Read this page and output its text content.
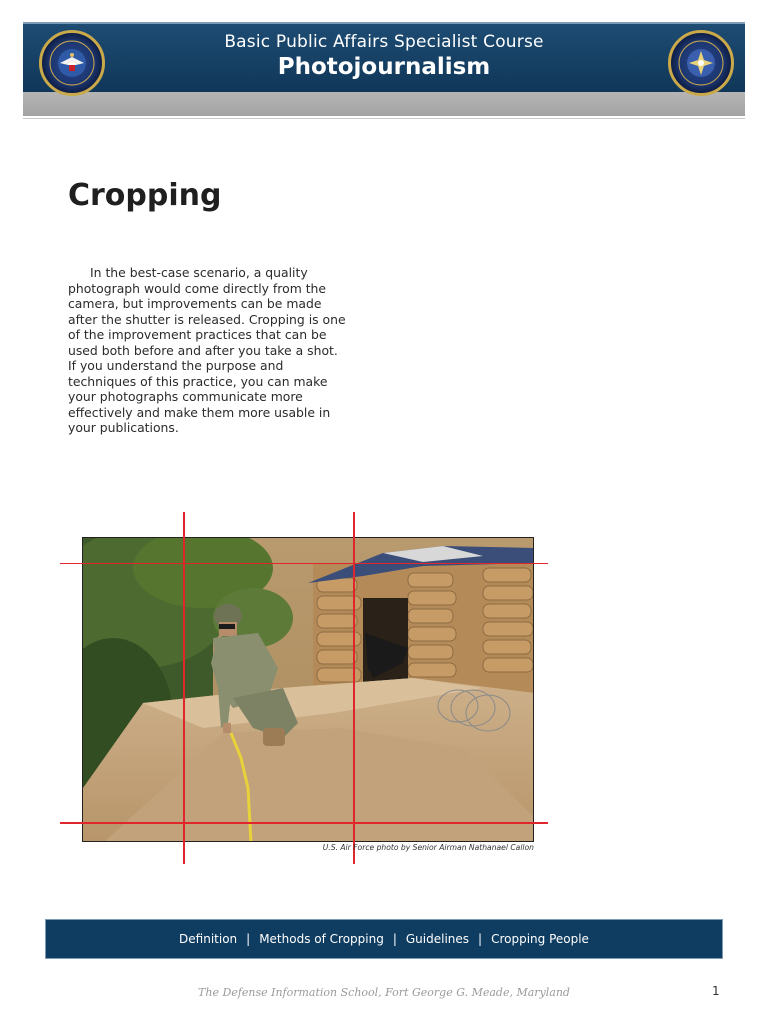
Basic Public Affairs Specialist Course
Photojournalism
Cropping

In the best-case scenario, a quality photograph would come directly from the camera, but improvements can be made after the shutter is released. Cropping is one of the improvement practices that can be used both before and after you take a shot. If you understand the purpose and techniques of this practice, you can make your photographs communicate more effectively and make them more usable in your publications.

U.S. Air Force photo by Senior Airman Nathanael Callon
Definition | Methods of Cropping | Guidelines | Cropping People
The Defense Information School, Fort George G. Meade, Maryland	1
